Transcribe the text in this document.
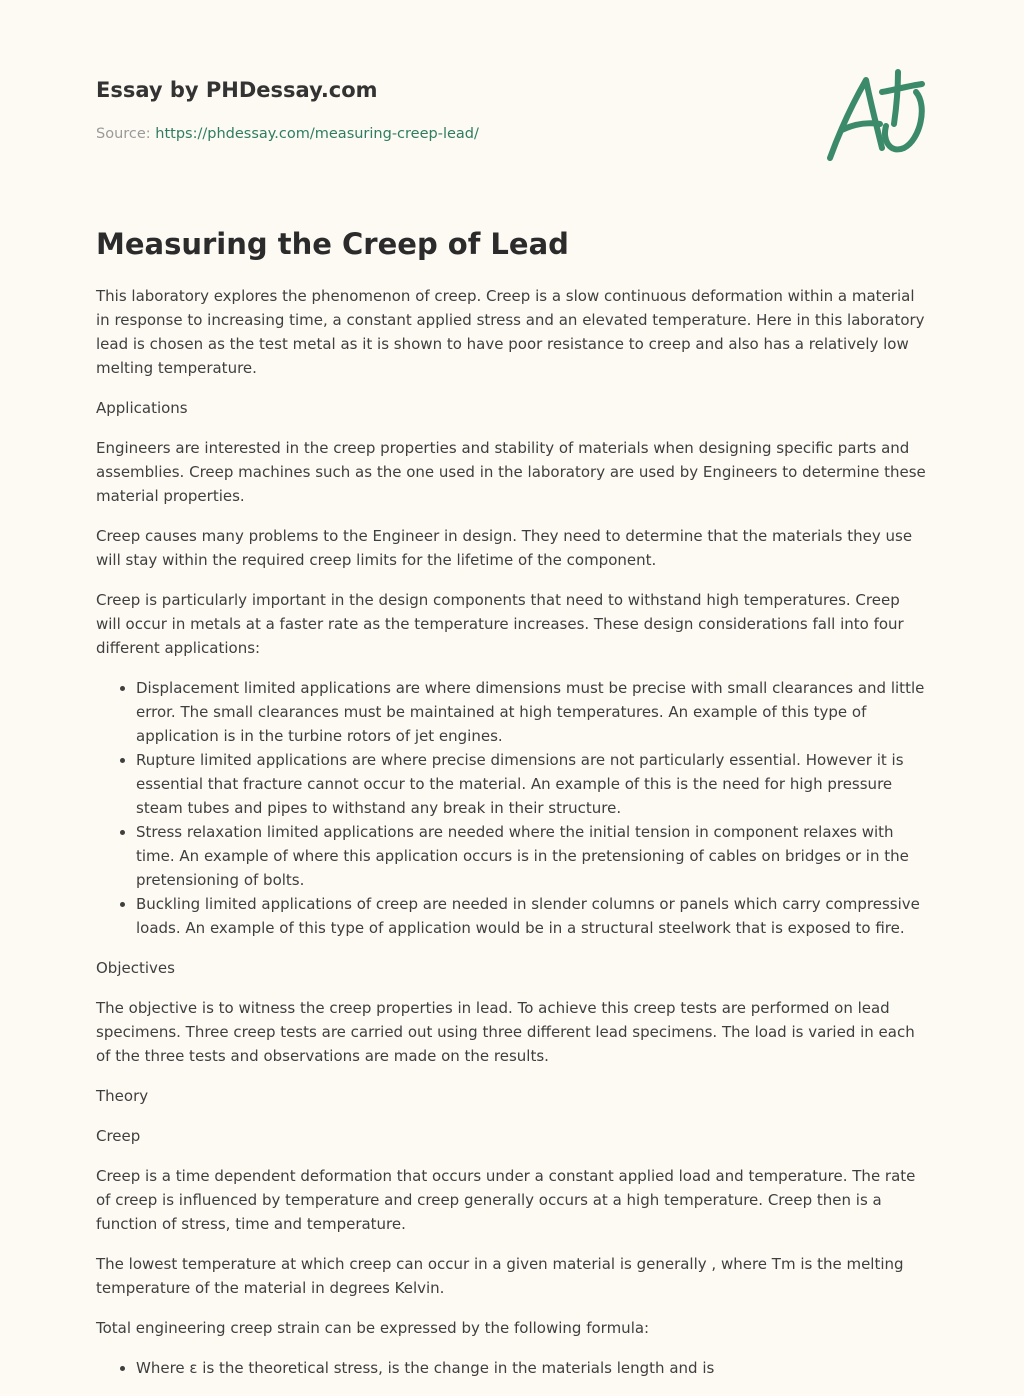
Essay by PHDessay.com
Source: https://phdessay.com/measuring-creep-lead/
Measuring the Creep of Lead

This laboratory explores the phenomenon of creep. Creep is a slow continuous deformation within a material in response to increasing time, a constant applied stress and an elevated temperature. Here in this laboratory lead is chosen as the test metal as it is shown to have poor resistance to creep and also has a relatively low melting temperature.

Applications

Engineers are interested in the creep properties and stability of materials when designing specific parts and assemblies. Creep machines such as the one used in the laboratory are used by Engineers to determine these material properties.

Creep causes many problems to the Engineer in design. They need to determine that the materials they use will stay within the required creep limits for the lifetime of the component.

Creep is particularly important in the design components that need to withstand high temperatures. Creep will occur in metals at a faster rate as the temperature increases. These design considerations fall into four different applications:

• Displacement limited applications are where dimensions must be precise with small clearances and little error. The small clearances must be maintained at high temperatures. An example of this type of application is in the turbine rotors of jet engines.
• Rupture limited applications are where precise dimensions are not particularly essential. However it is essential that fracture cannot occur to the material. An example of this is the need for high pressure steam tubes and pipes to withstand any break in their structure.
• Stress relaxation limited applications are needed where the initial tension in component relaxes with time. An example of where this application occurs is in the pretensioning of cables on bridges or in the pretensioning of bolts.
• Buckling limited applications of creep are needed in slender columns or panels which carry compressive loads. An example of this type of application would be in a structural steelwork that is exposed to fire.

Objectives

The objective is to witness the creep properties in lead. To achieve this creep tests are performed on lead specimens. Three creep tests are carried out using three different lead specimens. The load is varied in each of the three tests and observations are made on the results.

Theory

Creep

Creep is a time dependent deformation that occurs under a constant applied load and temperature. The rate of creep is influenced by temperature and creep generally occurs at a high temperature. Creep then is a function of stress, time and temperature.

The lowest temperature at which creep can occur in a given material is generally , where Tm is the melting temperature of the material in degrees Kelvin.

Total engineering creep strain can be expressed by the following formula:

• Where ε is the theoretical stress, is the change in the materials length and is
